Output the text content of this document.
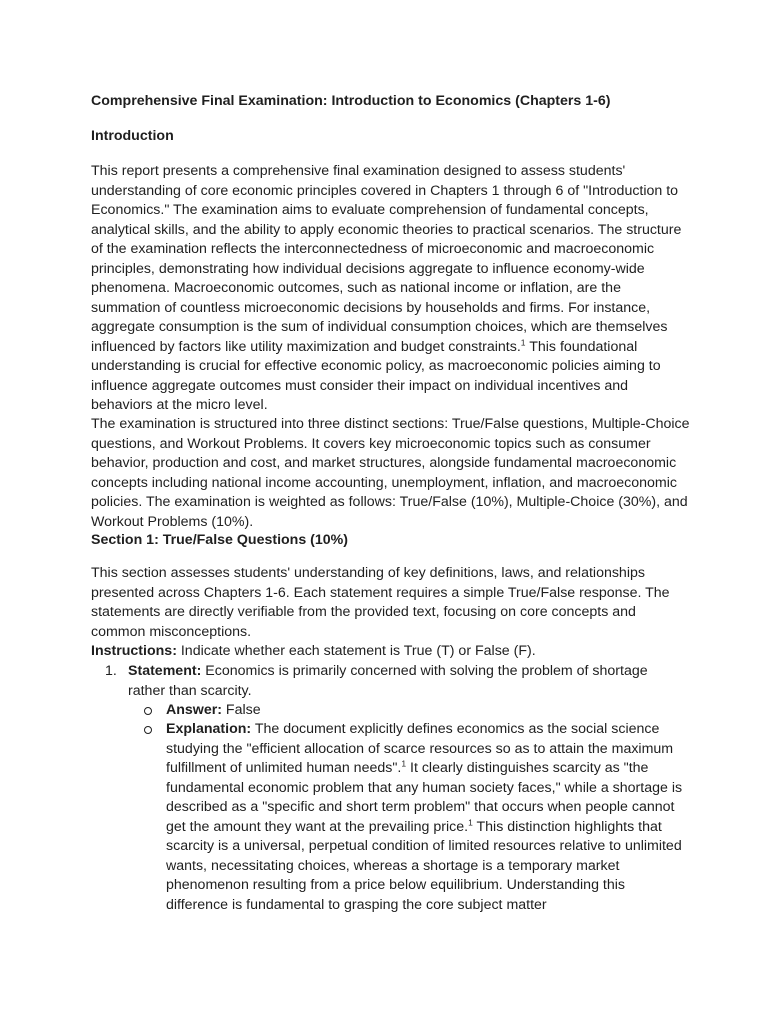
Comprehensive Final Examination: Introduction to Economics (Chapters 1-6)

Introduction

This report presents a comprehensive final examination designed to assess students' understanding of core economic principles covered in Chapters 1 through 6 of "Introduction to Economics." The examination aims to evaluate comprehension of fundamental concepts, analytical skills, and the ability to apply economic theories to practical scenarios. The structure of the examination reflects the interconnectedness of microeconomic and macroeconomic principles, demonstrating how individual decisions aggregate to influence economy-wide phenomena. Macroeconomic outcomes, such as national income or inflation, are the summation of countless microeconomic decisions by households and firms. For instance, aggregate consumption is the sum of individual consumption choices, which are themselves influenced by factors like utility maximization and budget constraints.$^1$ This foundational understanding is crucial for effective economic policy, as macroeconomic policies aiming to influence aggregate outcomes must consider their impact on individual incentives and behaviors at the micro level.

The examination is structured into three distinct sections: True/False questions, Multiple-Choice questions, and Workout Problems. It covers key microeconomic topics such as consumer behavior, production and cost, and market structures, alongside fundamental macroeconomic concepts including national income accounting, unemployment, inflation, and macroeconomic policies. The examination is weighted as follows: True/False (10%), Multiple-Choice (30%), and Workout Problems (10%).

Section 1: True/False Questions (10%)

This section assesses students' understanding of key definitions, laws, and relationships presented across Chapters 1-6. Each statement requires a simple True/False response. The statements are directly verifiable from the provided text, focusing on core concepts and common misconceptions.

Instructions: Indicate whether each statement is True (T) or False (F).

1. Statement: Economics is primarily concerned with solving the problem of shortage rather than scarcity.

Answer: False

Explanation: The document explicitly defines economics as the social science studying the "efficient allocation of scarce resources so as to attain the maximum fulfillment of unlimited human needs".$^1$ It clearly distinguishes scarcity as "the fundamental economic problem that any human society faces," while a shortage is described as a "specific and short term problem" that occurs when people cannot get the amount they want at the prevailing price.$^1$ This distinction highlights that scarcity is a universal, perpetual condition of limited resources relative to unlimited wants, necessitating choices, whereas a shortage is a temporary market phenomenon resulting from a price below equilibrium. Understanding this difference is fundamental to grasping the core subject matter
